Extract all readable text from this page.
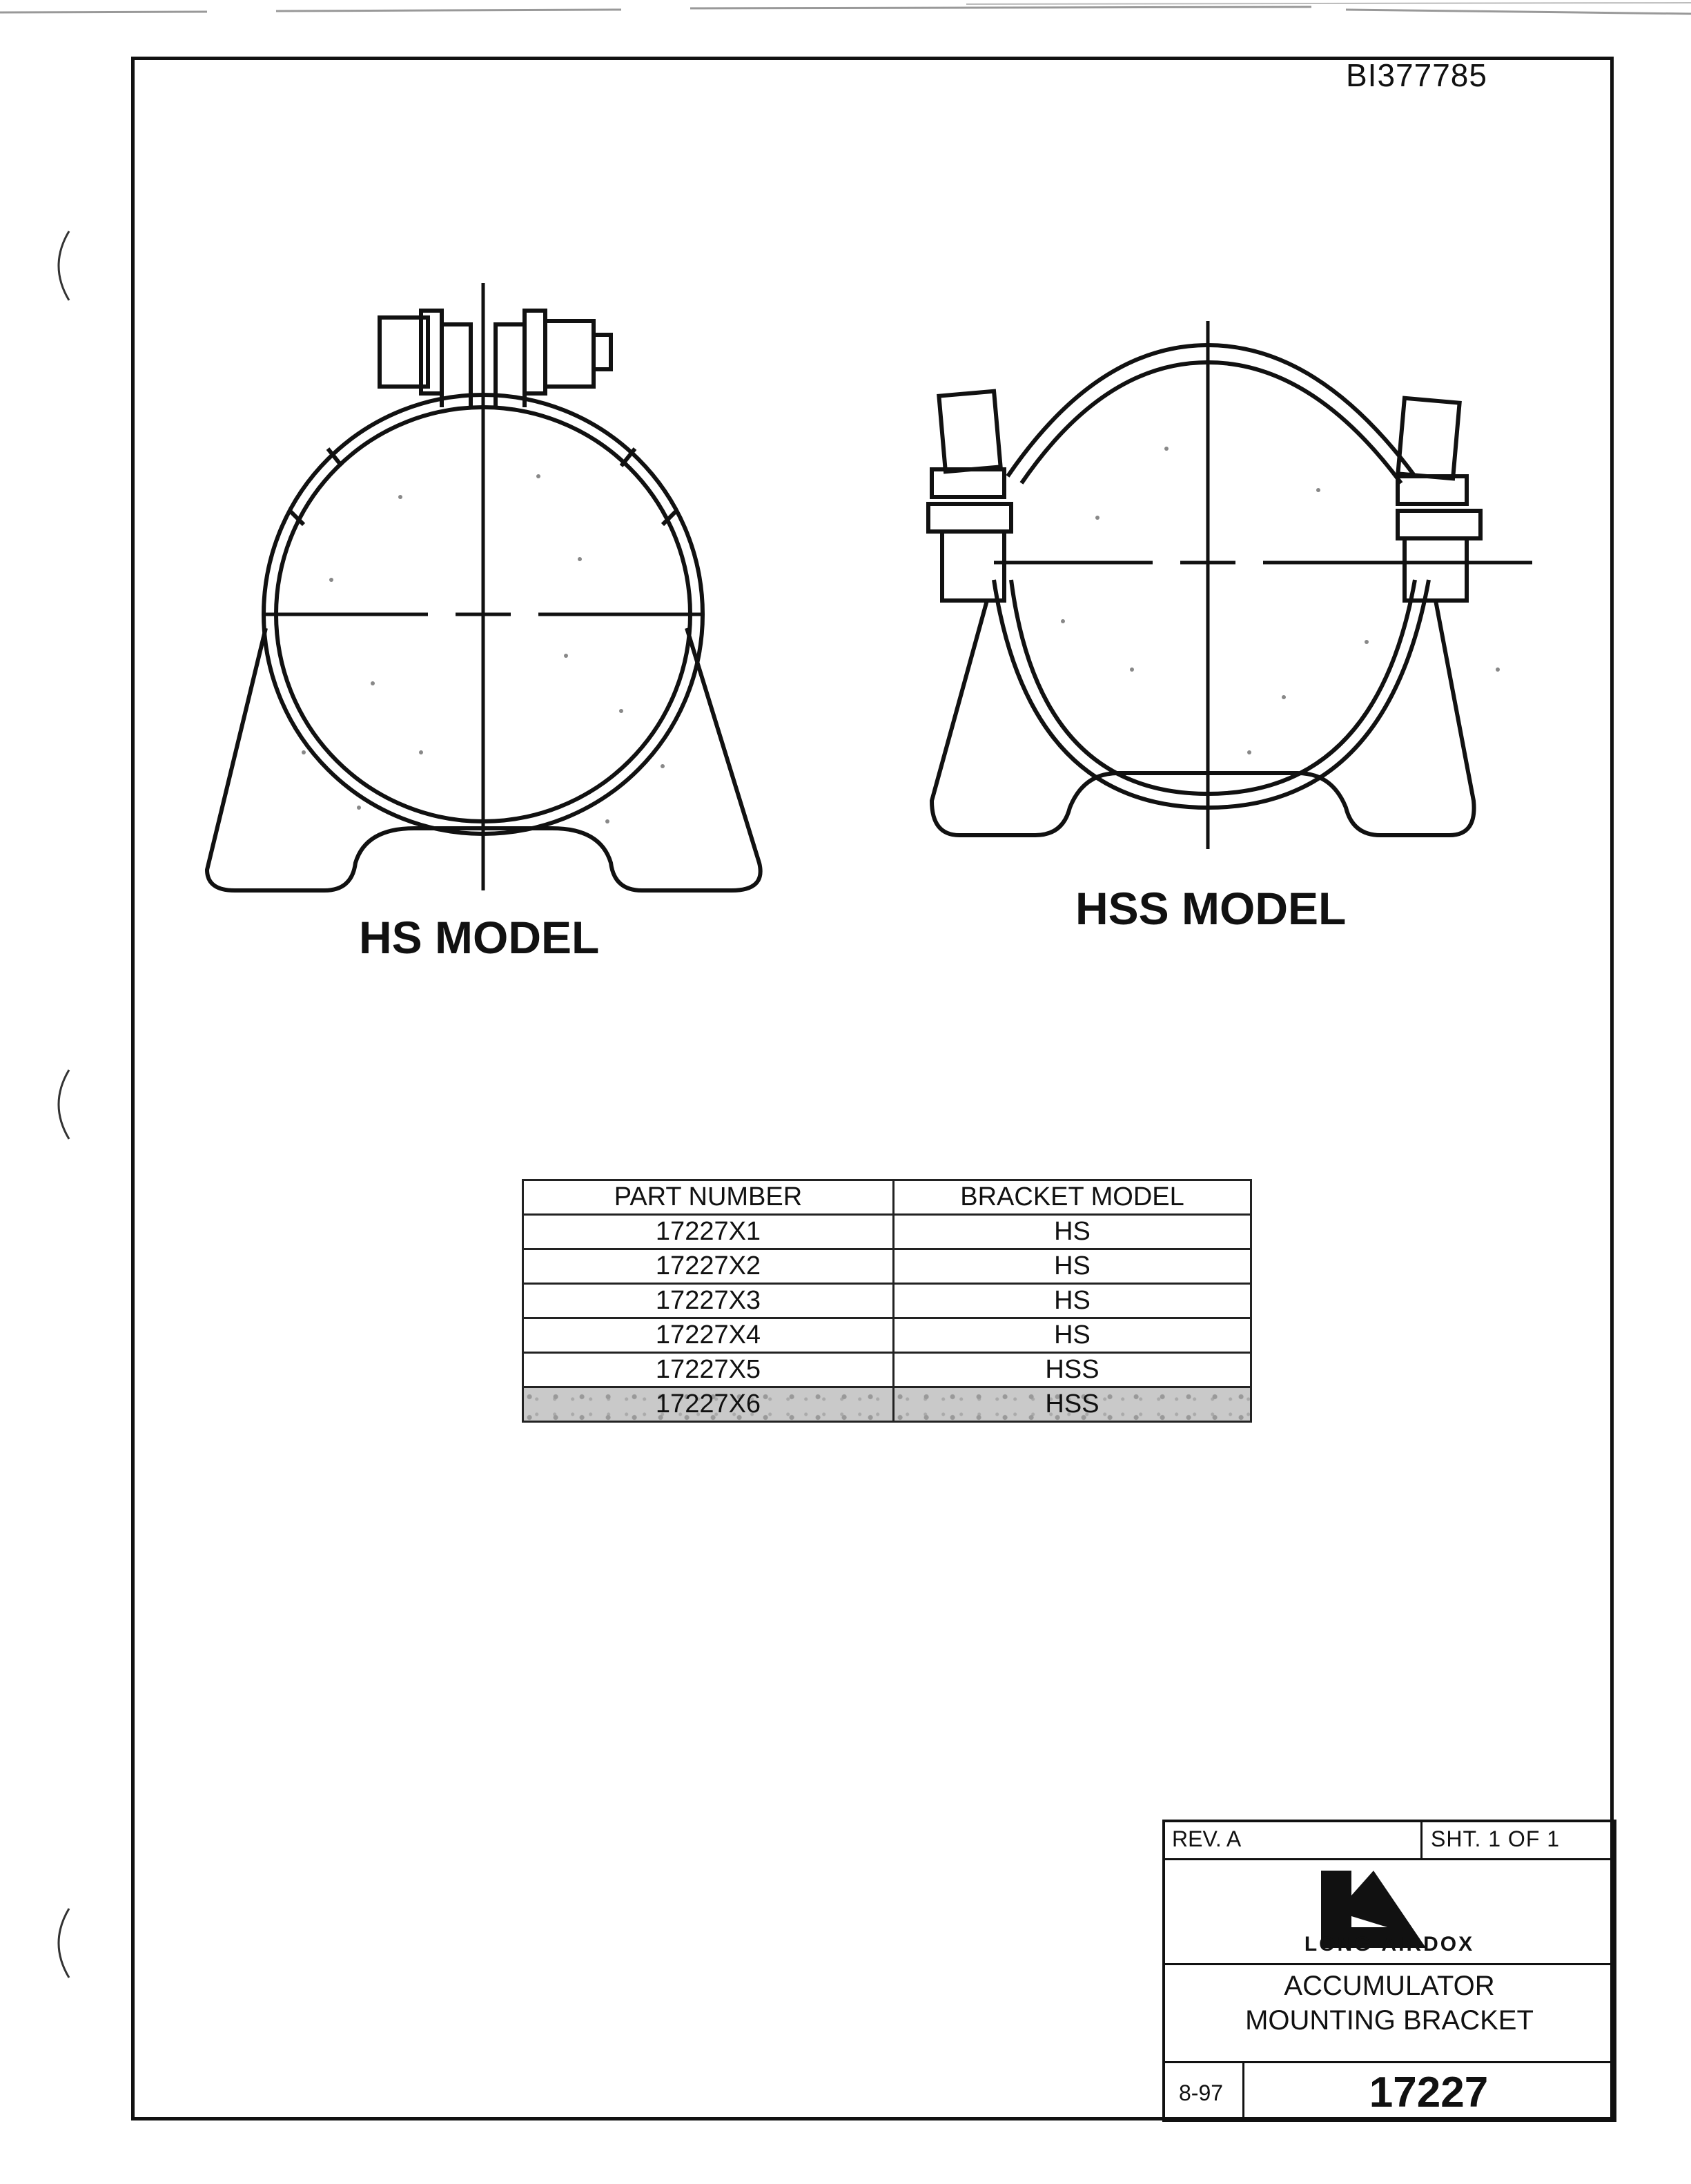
BI377785
HS MODEL
HSS MODEL
PART NUMBER	BRACKET MODEL
17227X1	HS
17227X2	HS
17227X3	HS
17227X4	HS
17227X5	HSS
17227X6	HSS
REV. A	SHT. 1 OF 1
LONG-AIRDOX
ACCUMULATOR
MOUNTING BRACKET
8-97	17227
